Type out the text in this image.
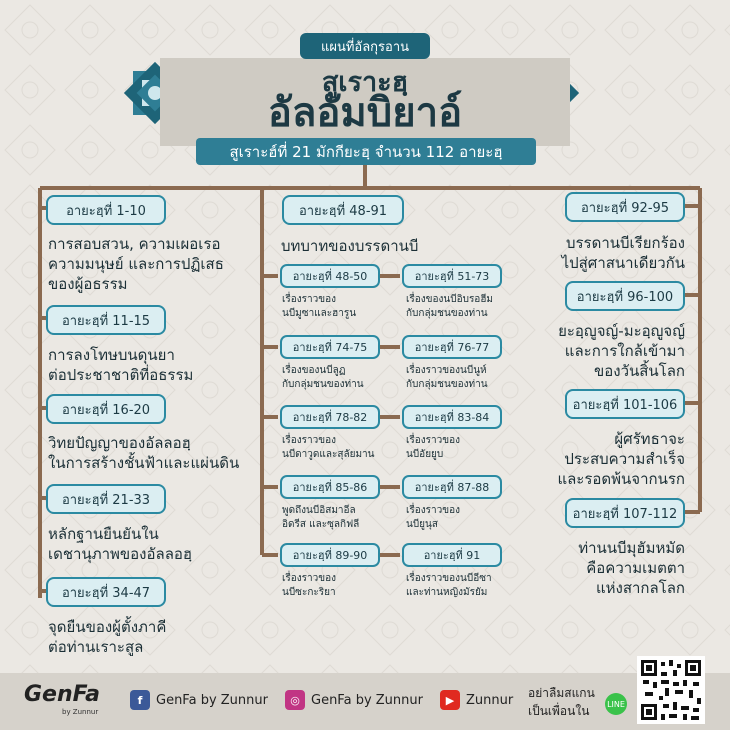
แผนที่อัลกุรอาน
สูเราะฮฺ
อัลอัมบิยาอ์
สูเราะฮ์ที่ 21 มักกียะฮฺ จำนวน 112 อายะฮฺ
อายะฮฺที่ 1-10
การสอบสวน, ความเผอเรอ
ความมนุษย์ และการปฏิเสธ
ของผู้อธรรม
อายะฮฺที่ 11-15
การลงโทษบนดุนยา
ต่อประชาชาติที่อธรรม
อายะฮฺที่ 16-20
วิทยปัญญาของอัลลอฮฺ
ในการสร้างชั้นฟ้าและแผ่นดิน
อายะฮฺที่ 21-33
หลักฐานยืนยันใน
เดชานุภาพของอัลลอฮฺ
อายะฮฺที่ 34-47
จุดยืนของผู้ตั้งภาคี
ต่อท่านเราะสูล
อายะฮฺที่ 48-91
บทบาทของบรรดานบี
อายะฮฺที่ 48-50
เรื่องราวของ
นบีมูซาและฮารูน
อายะฮฺที่ 51-73
เรื่องของนบีอิบรอฮีม
กับกลุ่มชนของท่าน
อายะฮฺที่ 74-75
เรื่องของนบีลูฏ
กับกลุ่มชนของท่าน
อายะฮฺที่ 76-77
เรื่องราวของนบีนูห์
กับกลุ่มชนของท่าน
อายะฮฺที่ 78-82
เรื่องราวของ
นบีดาวูดและสุลัยมาน
อายะฮฺที่ 83-84
เรื่องราวของ
นบีอัยยูบ
อายะฮฺที่ 85-86
พูดถึงนบีอิสมาอีล
อิดรีส และซุลกิฟลี
อายะฮฺที่ 87-88
เรื่องราวของ
นบียูนุส
อายะฮฺที่ 89-90
เรื่องราวของ
นบีซะกะริยา
อายะฮฺที่ 91
เรื่องราวของนบีอีซา
และท่านหญิงมัรยัม
อายะฮฺที่ 92-95
บรรดานบีเรียกร้อง
ไปสู่ศาสนาเดียวกัน
อายะฮฺที่ 96-100
ยะอฺญูจญ์-มะอฺญูจญ์
และการใกล้เข้ามา
ของวันสิ้นโลก
อายะฮฺที่ 101-106
ผู้ศรัทธาจะ
ประสบความสำเร็จ
และรอดพ้นจากนรก
อายะฮฺที่ 107-112
ท่านนบีมุฮัมหมัด
คือความเมตตา
แห่งสากลโลก
GenFa
by Zunnur
f	GenFa by Zunnur	◎ GenFa by Zunnur	▶ Zunnur อย่าลืมสแกน
เป็นเพื่อนใน	LINE
